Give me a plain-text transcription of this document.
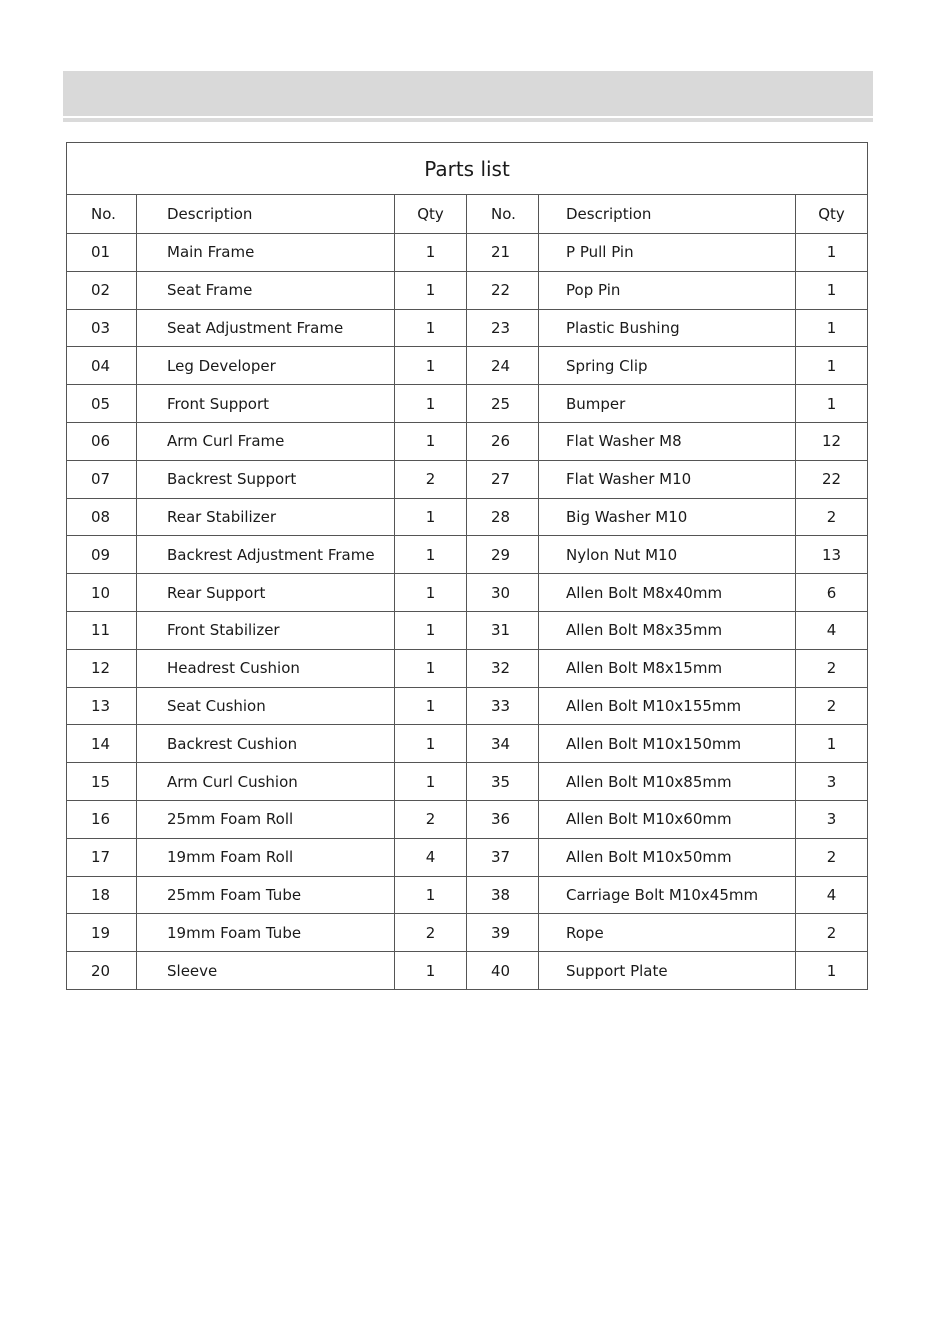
Parts list					
No.	Description	Qty	No.	Description	Qty
01	Main Frame	1	21	P Pull Pin	1
02	Seat Frame	1	22	Pop Pin	1
03	Seat Adjustment Frame	1	23	Plastic Bushing	1
04	Leg Developer	1	24	Spring Clip	1
05	Front Support	1	25	Bumper	1
06	Arm Curl Frame	1	26	Flat Washer M8	12
07	Backrest Support	2	27	Flat Washer M10	22
08	Rear Stabilizer	1	28	Big Washer M10	2
09	Backrest Adjustment Frame	1	29	Nylon Nut M10	13
10	Rear Support	1	30	Allen Bolt M8x40mm	6
11	Front Stabilizer	1	31	Allen Bolt M8x35mm	4
12	Headrest Cushion	1	32	Allen Bolt M8x15mm	2
13	Seat Cushion	1	33	Allen Bolt M10x155mm	2
14	Backrest Cushion	1	34	Allen Bolt M10x150mm	1
15	Arm Curl Cushion	1	35	Allen Bolt M10x85mm	3
16	25mm Foam Roll	2	36	Allen Bolt M10x60mm	3
17	19mm Foam Roll	4	37	Allen Bolt M10x50mm	2
18	25mm Foam Tube	1	38	Carriage Bolt M10x45mm	4
19	19mm Foam Tube	2	39	Rope	2
20	Sleeve	1	40	Support Plate	1
